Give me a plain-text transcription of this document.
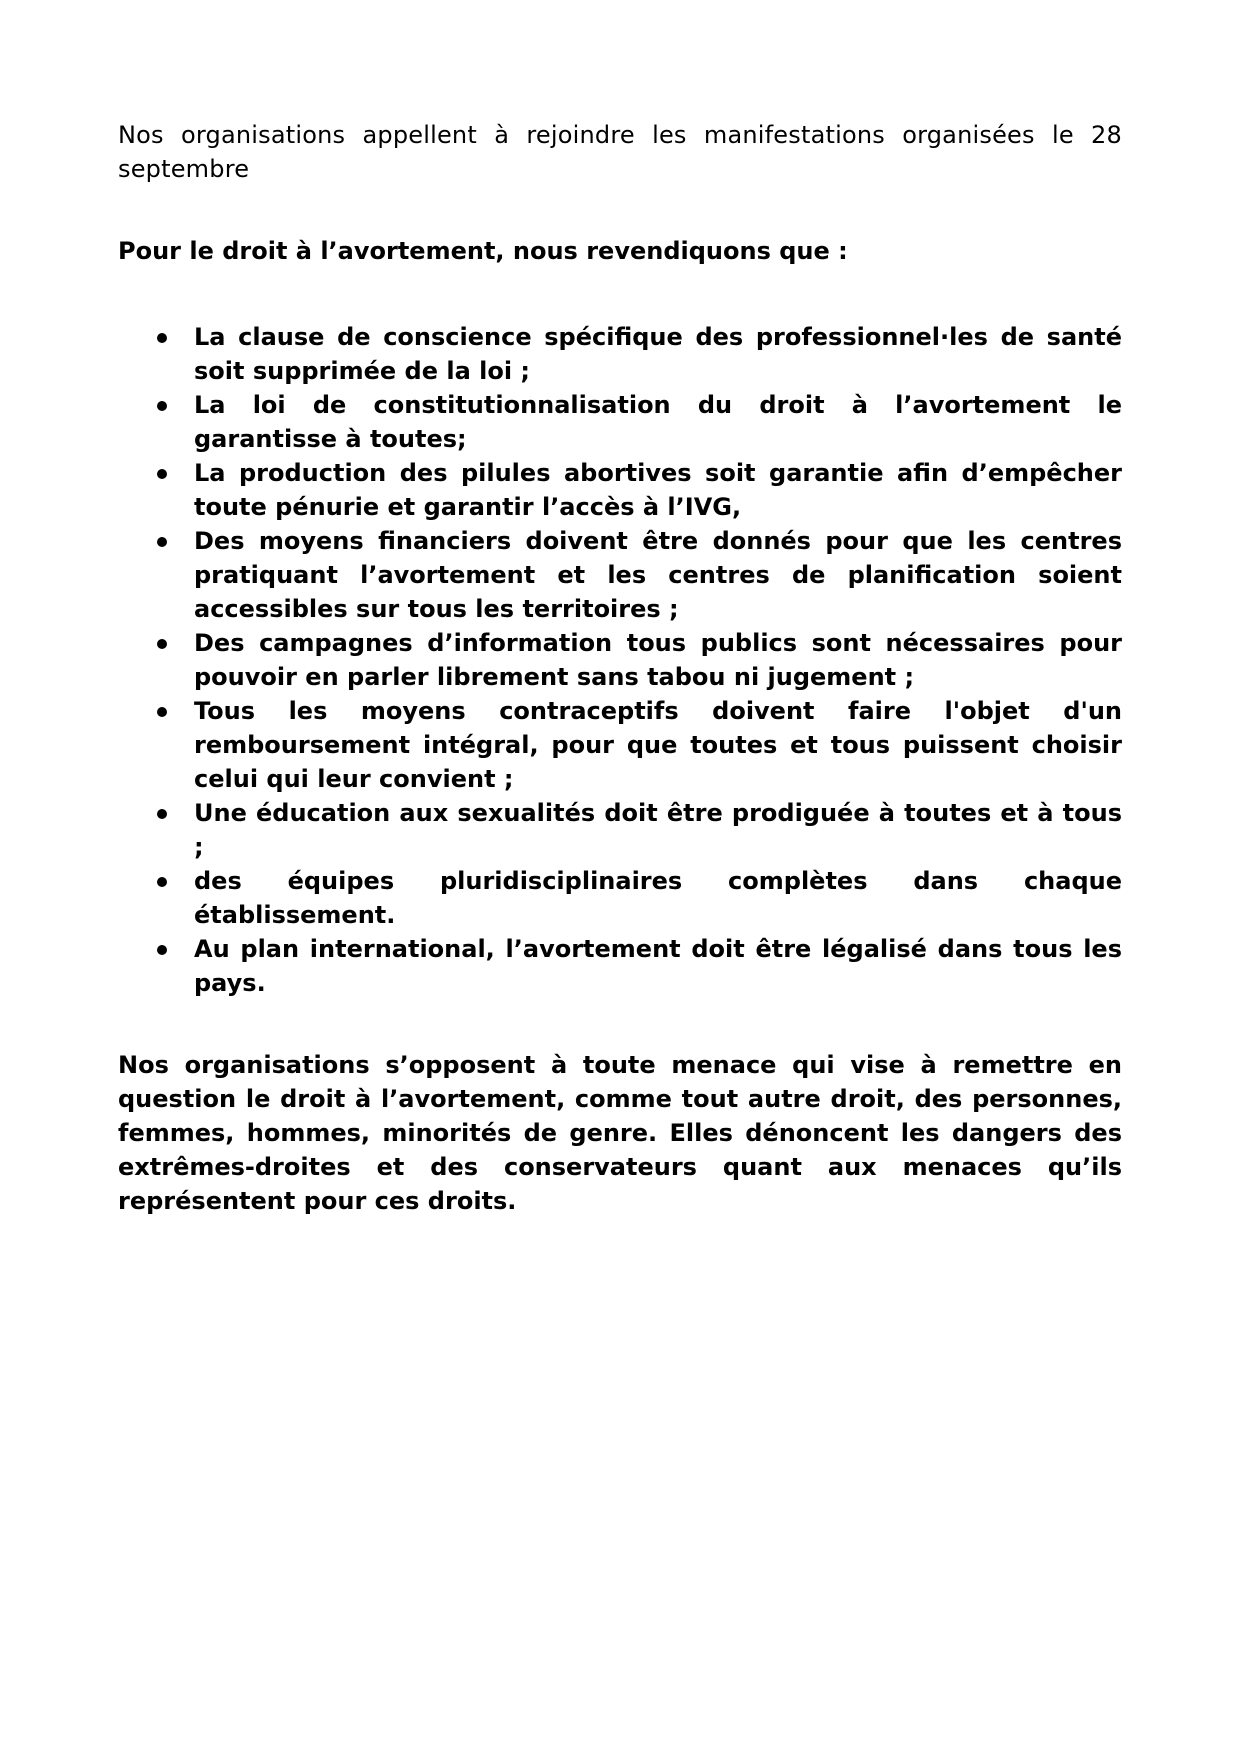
Nos organisations appellent à rejoindre les manifestations organisées le 28 septembre

Pour le droit à l’avortement, nous revendiquons que :

La clause de conscience spécifique des professionnel·les de santé soit supprimée de la loi ;
La loi de constitutionnalisation du droit à l’avortement le garantisse à toutes;
La production des pilules abortives soit garantie afin d’empêcher toute pénurie et garantir l’accès à l’IVG,
Des moyens financiers doivent être donnés pour que les centres pratiquant l’avortement et les centres de planification soient accessibles sur tous les territoires ;
Des campagnes d’information tous publics sont nécessaires pour pouvoir en parler librement sans tabou ni jugement ;
Tous les moyens contraceptifs doivent faire l'objet d'un remboursement intégral, pour que toutes et tous puissent choisir celui qui leur convient ;
Une éducation aux sexualités doit être prodiguée à toutes et à tous ;
des équipes pluridisciplinaires complètes dans chaque établissement.
Au plan international, l’avortement doit être légalisé dans tous les pays.

Nos organisations s’opposent à toute menace qui vise à remettre en question le droit à l’avortement, comme tout autre droit, des personnes, femmes, hommes, minorités de genre. Elles dénoncent les dangers des extrêmes-droites et des conservateurs quant aux menaces qu’ils représentent pour ces droits.
